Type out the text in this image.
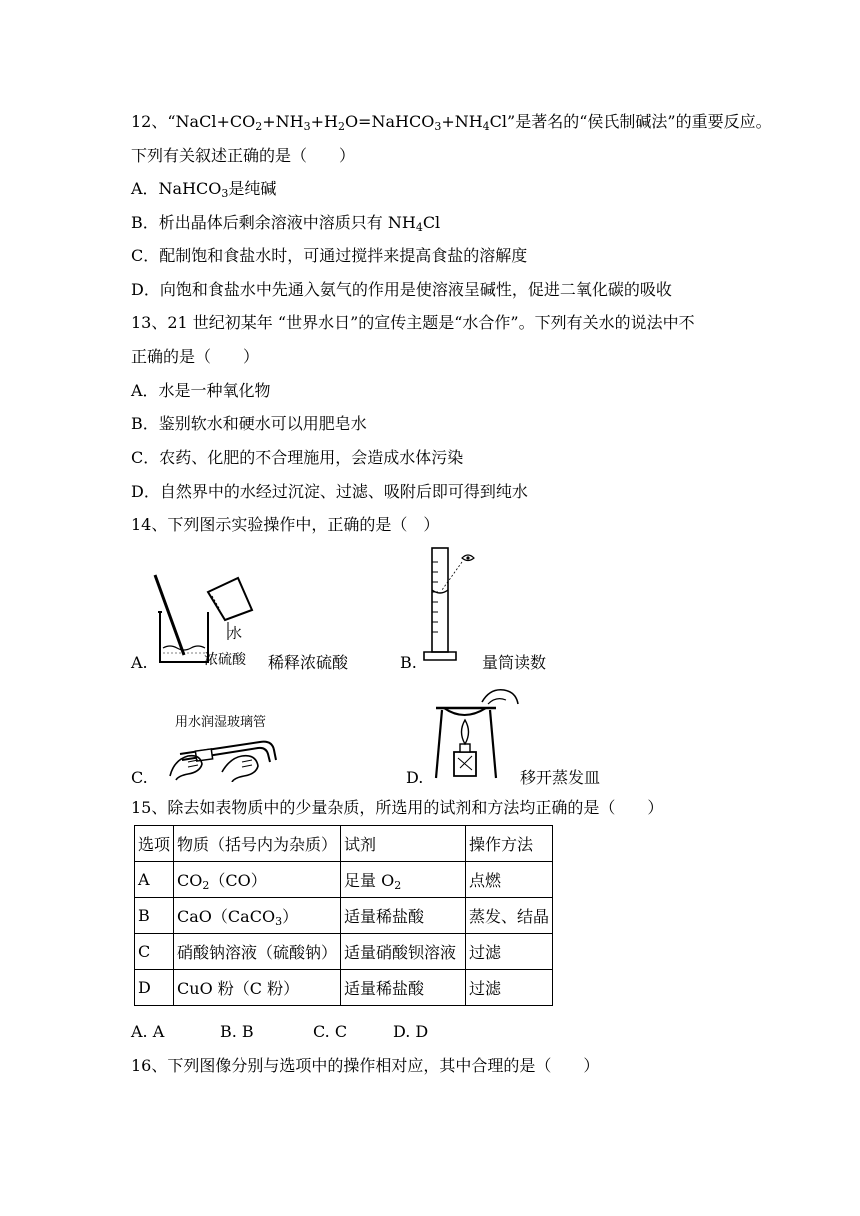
12、“$NaCl+CO_2+NH_3+H_2O=NaHCO_3+NH_4Cl$”是著名的“侯氏制碱法”的重要反应。
下列有关叙述正确的是（　　）
A．NaHCO$_3$是纯碱
B．析出晶体后剩余溶液中溶质只有 $NH_4Cl$
C．配制饱和食盐水时，可通过搅拌来提高食盐的溶解度
D．向饱和食盐水中先通入氨气的作用是使溶液呈碱性，促进二氧化碳的吸收
13、21 世纪初某年 “世界水日”的宣传主题是“水合作”。下列有关水的说法中不
正确的是（　　）
A．水是一种氧化物
B．鉴别软水和硬水可以用肥皂水
C．农药、化肥的不合理施用，会造成水体污染
D．自然界中的水经过沉淀、过滤、吸附后即可得到纯水
14、下列图示实验操作中，正确的是（　）
A.
水
浓硫酸 稀释浓硫酸	B.	量筒读数
C.
用水润湿玻璃管
D.	移开蒸发皿
15、除去如表物质中的少量杂质，所选用的试剂和方法均正确的是（　　）
选项	物质（括号内为杂质）	试剂	操作方法
A	$CO_2(CO)$	足量 $O_2$	点燃
B	CaO（CaCO$_3$）	适量稀盐酸	蒸发、结晶
C	硝酸钠溶液（硫酸钠）	适量硝酸钡溶液	过滤
D	CuO 粉（C 粉）	适量稀盐酸	过滤
A. A	B. B	C. C	D. D
16、下列图像分别与选项中的操作相对应，其中合理的是（　　）
